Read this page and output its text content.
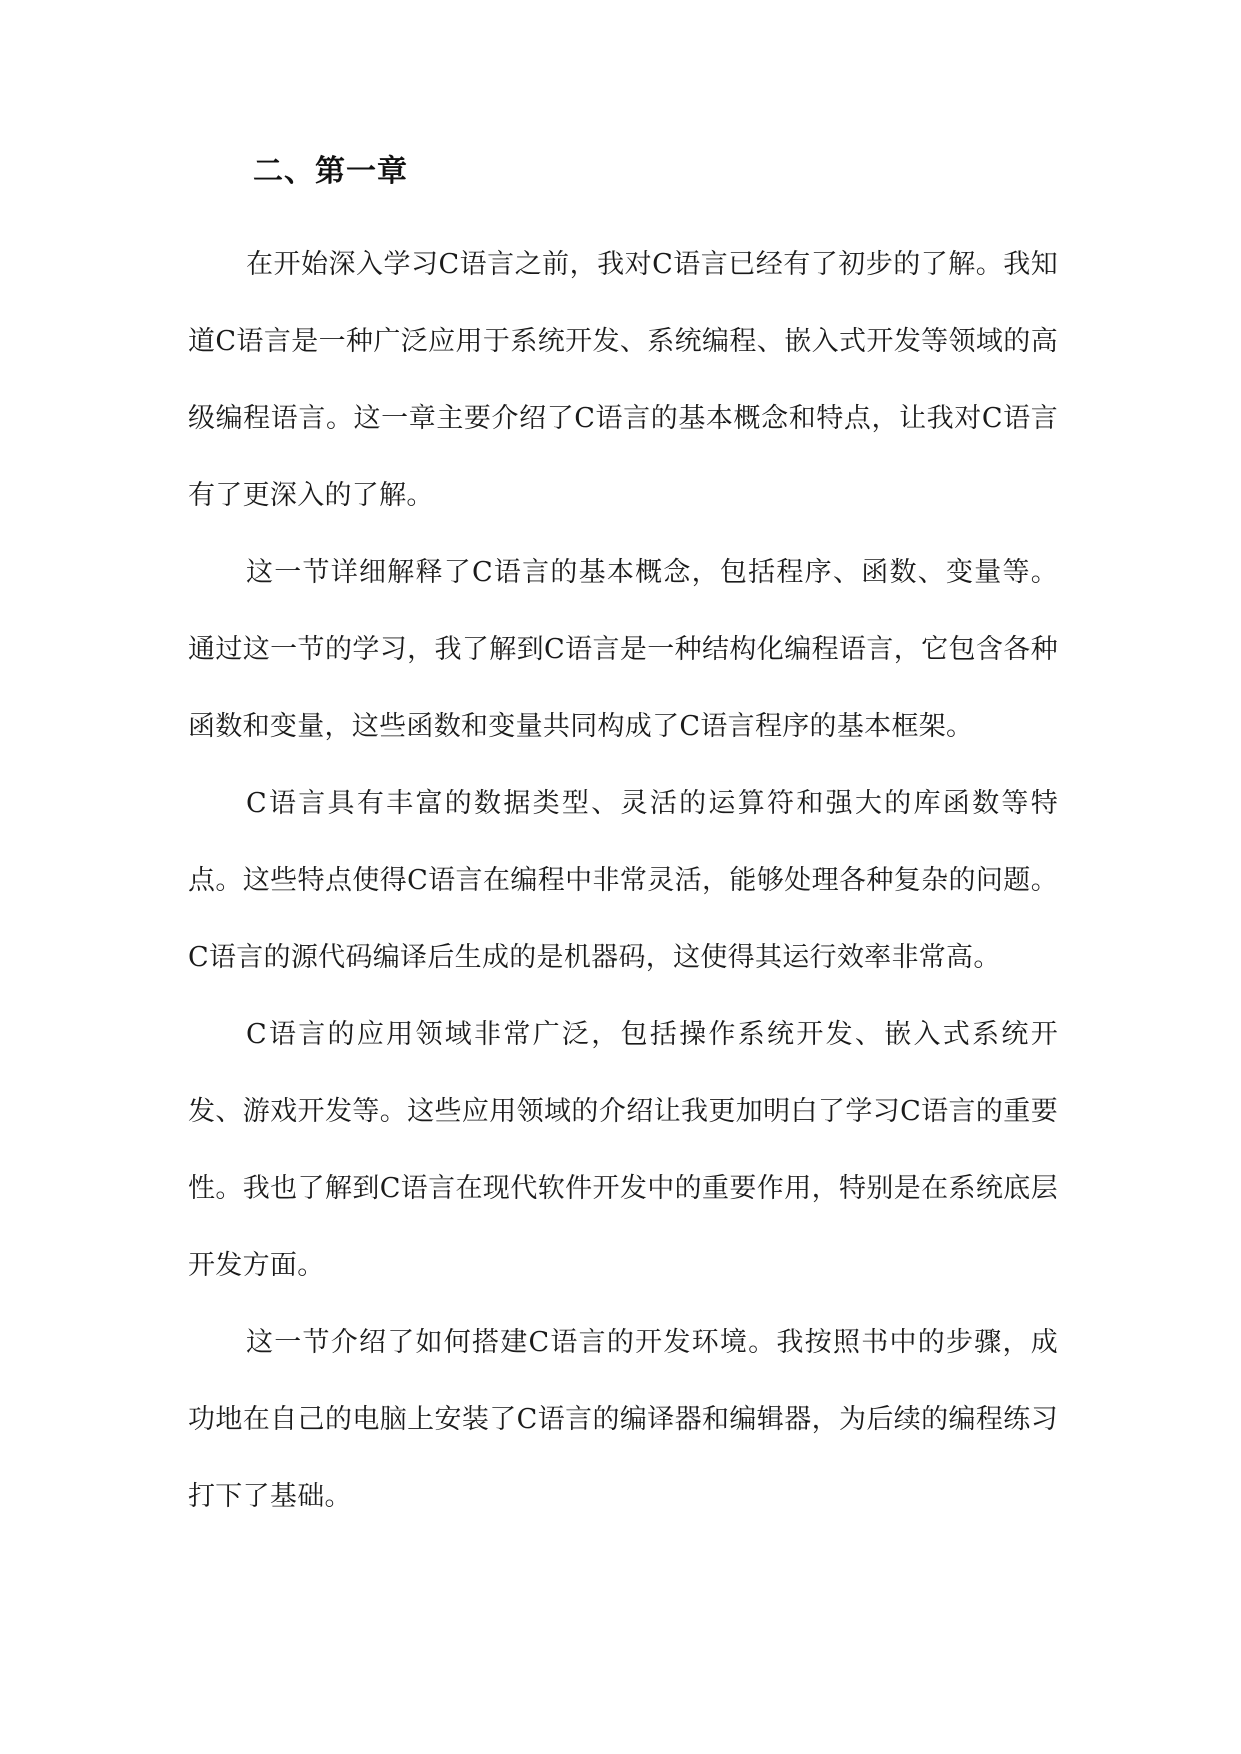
二、第一章

在开始深入学习C语言之前，我对C语言已经有了初步的了解。我知道C语言是一种广泛应用于系统开发、系统编程、嵌入式开发等领域的高级编程语言。这一章主要介绍了C语言的基本概念和特点，让我对C语言有了更深入的了解。

这一节详细解释了C语言的基本概念，包括程序、函数、变量等。通过这一节的学习，我了解到C语言是一种结构化编程语言，它包含各种函数和变量，这些函数和变量共同构成了C语言程序的基本框架。

C语言具有丰富的数据类型、灵活的运算符和强大的库函数等特点。这些特点使得C语言在编程中非常灵活，能够处理各种复杂的问题。C语言的源代码编译后生成的是机器码，这使得其运行效率非常高。

C语言的应用领域非常广泛，包括操作系统开发、嵌入式系统开发、游戏开发等。这些应用领域的介绍让我更加明白了学习C语言的重要性。我也了解到C语言在现代软件开发中的重要作用，特别是在系统底层开发方面。

这一节介绍了如何搭建C语言的开发环境。我按照书中的步骤，成功地在自己的电脑上安装了C语言的编译器和编辑器，为后续的编程练习打下了基础。
